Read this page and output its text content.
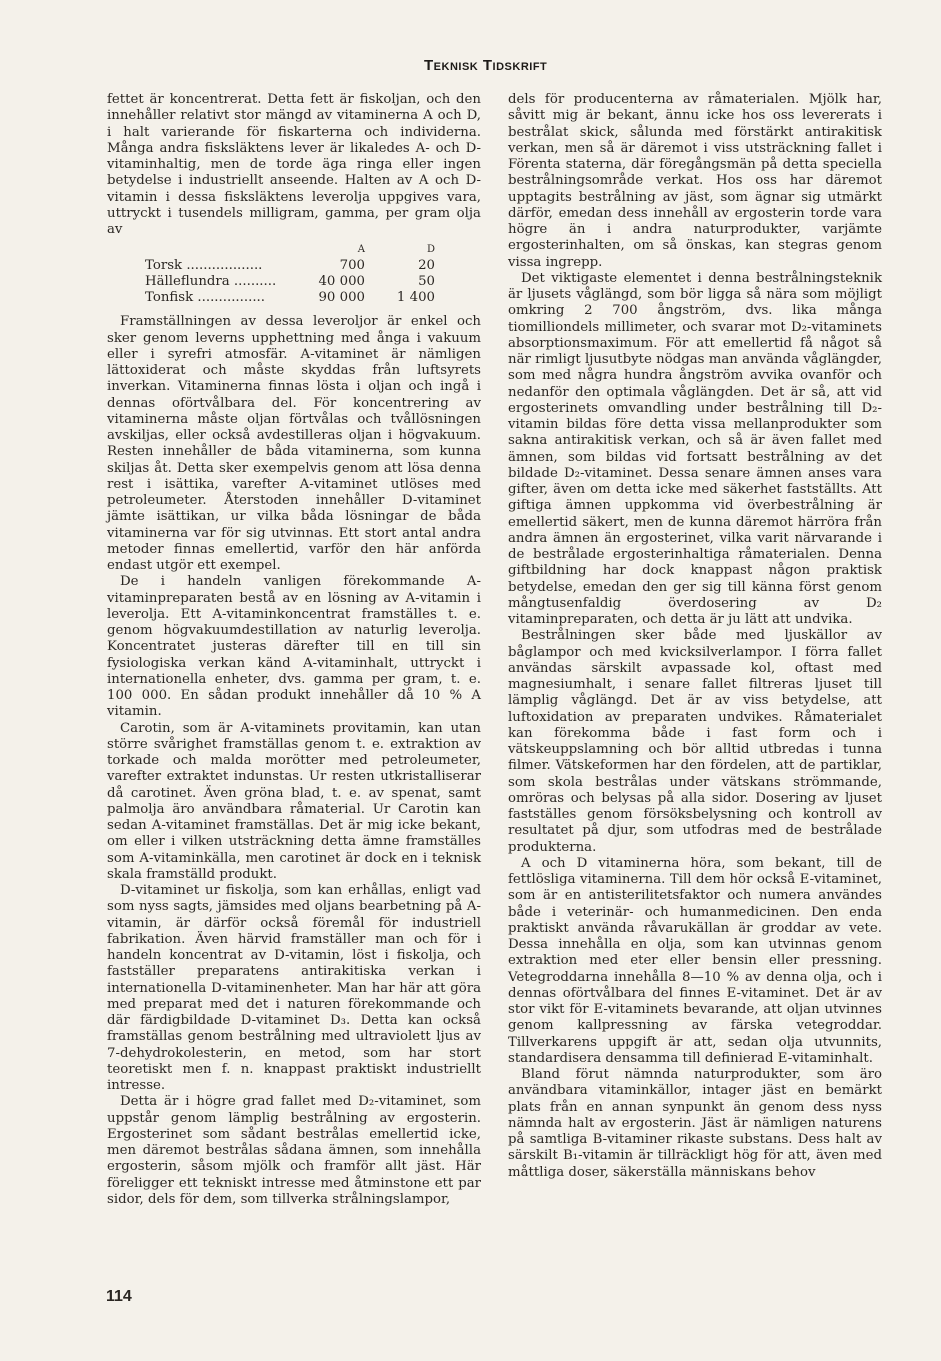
Teknisk Tidskrift

fettet är koncentrerat. Detta fett är fiskoljan, och den innehåller relativt stor mängd av vitaminerna A och D, i halt varierande för fiskarterna och individerna. Många andra fisksläktens lever är likaledes A- och D-vitaminhaltig, men de torde äga ringa eller ingen betydelse i industriellt anseende. Halten av A och D-vitamin i dessa fisksläktens leverolja uppgives vara, uttryckt i tusendels milligram, gamma, per gram olja av

A	D
Torsk ..................	700	20
Hälleflundra ..........	40 000	50
Tonfisk ................	90 000	1 400

Framställningen av dessa leveroljor är enkel och sker genom leverns upphettning med ånga i vakuum eller i syrefri atmosfär. A-vitaminet är nämligen lättoxiderat och måste skyddas från luftsyrets inverkan. Vitaminerna finnas lösta i oljan och ingå i dennas oförtvålbara del. För koncentrering av vitaminerna måste oljan förtvålas och tvållösningen avskiljas, eller också avdestilleras oljan i högvakuum. Resten innehåller de båda vitaminerna, som kunna skiljas åt. Detta sker exempelvis genom att lösa denna rest i isättika, varefter A-vitaminet utlöses med petroleumeter. Återstoden innehåller D-vitaminet jämte isättikan, ur vilka båda lösningar de båda vitaminerna var för sig utvinnas. Ett stort antal andra metoder finnas emellertid, varför den här anförda endast utgör ett exempel.

De i handeln vanligen förekommande A-vitaminpreparaten bestå av en lösning av A-vitamin i leverolja. Ett A-vitaminkoncentrat framställes t. e. genom högvakuumdestillation av naturlig leverolja. Koncentratet justeras därefter till en till sin fysiologiska verkan känd A-vitaminhalt, uttryckt i internationella enheter, dvs. gamma per gram, t. e. 100 000. En sådan produkt innehåller då 10 % A vitamin.

Carotin, som är A-vitaminets provitamin, kan utan större svårighet framställas genom t. e. extraktion av torkade och malda morötter med petroleumeter, varefter extraktet indunstas. Ur resten utkristalliserar då carotinet. Även gröna blad, t. e. av spenat, samt palmolja äro användbara råmaterial. Ur Carotin kan sedan A-vitaminet framställas. Det är mig icke bekant, om eller i vilken utsträckning detta ämne framställes som A-vitaminkälla, men carotinet är dock en i teknisk skala framställd produkt.

D-vitaminet ur fiskolja, som kan erhållas, enligt vad som nyss sagts, jämsides med oljans bearbetning på A-vitamin, är därför också föremål för industriell fabrikation. Även härvid framställer man och för i handeln koncentrat av D-vitamin, löst i fiskolja, och fastställer preparatens antirakitiska verkan i internationella D-vitaminenheter. Man har här att göra med preparat med det i naturen förekommande och där färdigbildade D-vitaminet D₃. Detta kan också framställas genom bestrålning med ultraviolett ljus av 7-dehydrokolesterin, en metod, som har stort teoretiskt men f. n. knappast praktiskt industriellt intresse.

Detta är i högre grad fallet med D₂-vitaminet, som uppstår genom lämplig bestrålning av ergosterin. Ergosterinet som sådant bestrålas emellertid icke, men däremot bestrålas sådana ämnen, som innehålla ergosterin, såsom mjölk och framför allt jäst. Här föreligger ett tekniskt intresse med åtminstone ett par sidor, dels för dem, som tillverka strålningslampor,

dels för producenterna av råmaterialen. Mjölk har, såvitt mig är bekant, ännu icke hos oss levererats i bestrålat skick, sålunda med förstärkt antirakitisk verkan, men så är däremot i viss utsträckning fallet i Förenta staterna, där föregångsmän på detta speciella bestrålningsområde verkat. Hos oss har däremot upptagits bestrålning av jäst, som ägnar sig utmärkt därför, emedan dess innehåll av ergosterin torde vara högre än i andra naturprodukter, varjämte ergosterinhalten, om så önskas, kan stegras genom vissa ingrepp.

Det viktigaste elementet i denna bestrålningsteknik är ljusets våglängd, som bör ligga så nära som möjligt omkring 2 700 ångström, dvs. lika många tiomilliondels millimeter, och svarar mot D₂-vitaminets absorptionsmaximum. För att emellertid få något så när rimligt ljusutbyte nödgas man använda våglängder, som med några hundra ångström avvika ovanför och nedanför den optimala våglängden. Det är så, att vid ergosterinets omvandling under bestrålning till D₂-vitamin bildas före detta vissa mellanprodukter som sakna antirakitisk verkan, och så är även fallet med ämnen, som bildas vid fortsatt bestrålning av det bildade D₂-vitaminet. Dessa senare ämnen anses vara gifter, även om detta icke med säkerhet fastställts. Att giftiga ämnen uppkomma vid överbestrålning är emellertid säkert, men de kunna däremot härröra från andra ämnen än ergosterinet, vilka varit närvarande i de bestrålade ergosterinhaltiga råmaterialen. Denna giftbildning har dock knappast någon praktisk betydelse, emedan den ger sig till känna först genom mångtusenfaldig överdosering av D₂ vitaminpreparaten, och detta är ju lätt att undvika.

Bestrålningen sker både med ljuskällor av båglampor och med kvicksilverlampor. I förra fallet användas särskilt avpassade kol, oftast med magnesiumhalt, i senare fallet filtreras ljuset till lämplig våglängd. Det är av viss betydelse, att luftoxidation av preparaten undvikes. Råmaterialet kan förekomma både i fast form och i vätskeuppslamning och bör alltid utbredas i tunna filmer. Vätskeformen har den fördelen, att de partiklar, som skola bestrålas under vätskans strömmande, omröras och belysas på alla sidor. Dosering av ljuset fastställes genom försöksbelysning och kontroll av resultatet på djur, som utfodras med de bestrålade produkterna.

A och D vitaminerna höra, som bekant, till de fettlösliga vitaminerna. Till dem hör också E-vitaminet, som är en antisterilitetsfaktor och numera användes både i veterinär- och humanmedicinen. Den enda praktiskt använda råvarukällan är groddar av vete. Dessa innehålla en olja, som kan utvinnas genom extraktion med eter eller bensin eller pressning. Vetegroddarna innehålla 8—10 % av denna olja, och i dennas oförtvålbara del finnes E-vitaminet. Det är av stor vikt för E-vitaminets bevarande, att oljan utvinnes genom kallpressning av färska vetegroddar. Tillverkarens uppgift är att, sedan olja utvunnits, standardisera densamma till definierad E-vitaminhalt.

Bland förut nämnda naturprodukter, som äro användbara vitaminkällor, intager jäst en bemärkt plats från en annan synpunkt än genom dess nyss nämnda halt av ergosterin. Jäst är nämligen naturens på samtliga B-vitaminer rikaste substans. Dess halt av särskilt B₁-vitamin är tillräckligt hög för att, även med måttliga doser, säkerställa människans behov

114
